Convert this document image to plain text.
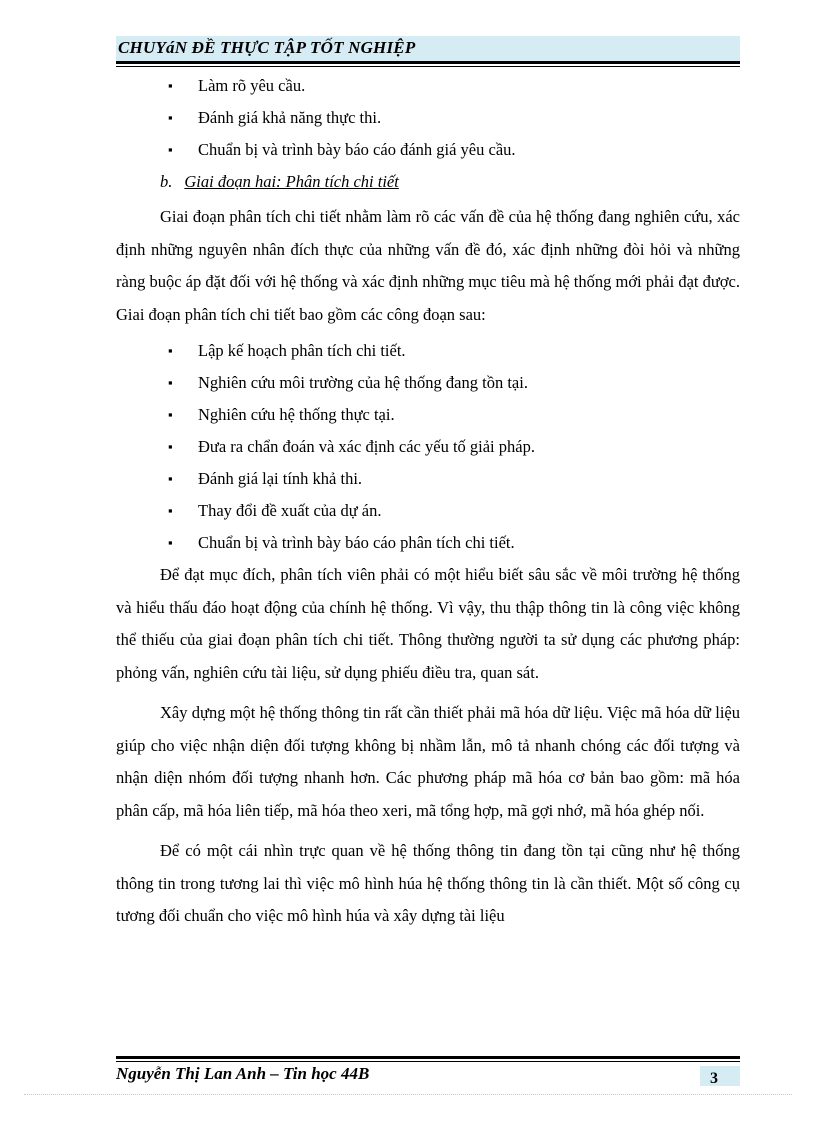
CHUYáN ĐỀ THỰC TẬP TỐT NGHIỆP
▪ Làm rõ yêu cầu.
▪ Đánh giá khả năng thực thi.
▪ Chuẩn bị và trình bày báo cáo đánh giá yêu cầu.
b. Giai đoạn hai: Phân tích chi tiết

Giai đoạn phân tích chi tiết nhằm làm rõ các vấn đề của hệ thống đang nghiên cứu, xác định những nguyên nhân đích thực của những vấn đề đó, xác định những đòi hỏi và những ràng buộc áp đặt đối với hệ thống và xác định những mục tiêu mà hệ thống mới phải đạt được. Giai đoạn phân tích chi tiết bao gồm các công đoạn sau:

▪ Lập kế hoạch phân tích chi tiết.
▪ Nghiên cứu môi trường của hệ thống đang tồn tại.
▪ Nghiên cứu hệ thống thực tại.
▪ Đưa ra chẩn đoán và xác định các yếu tố giải pháp.
▪ Đánh giá lại tính khả thi.
▪ Thay đổi đề xuất của dự án.
▪ Chuẩn bị và trình bày báo cáo phân tích chi tiết.

Để đạt mục đích, phân tích viên phải có một hiểu biết sâu sắc về môi trường hệ thống và hiểu thấu đáo hoạt động của chính hệ thống. Vì vậy, thu thập thông tin là công việc không thể thiếu của giai đoạn phân tích chi tiết. Thông thường người ta sử dụng các phương pháp: phỏng vấn, nghiên cứu tài liệu, sử dụng phiếu điều tra, quan sát.

Xây dựng một hệ thống thông tin rất cần thiết phải mã hóa dữ liệu. Việc mã hóa dữ liệu giúp cho việc nhận diện đối tượng không bị nhầm lẫn, mô tả nhanh chóng các đối tượng và nhận diện nhóm đối tượng nhanh hơn. Các phương pháp mã hóa cơ bản bao gồm: mã hóa phân cấp, mã hóa liên tiếp, mã hóa theo xeri, mã tổng hợp, mã gợi nhớ, mã hóa ghép nối.

Để có một cái nhìn trực quan về hệ thống thông tin đang tồn tại cũng như hệ thống thông tin trong tương lai thì việc mô hình húa hệ thống thông tin là cần thiết. Một số công cụ tương đối chuẩn cho việc mô hình húa và xây dựng tài liệu

Nguyễn Thị Lan Anh – Tin học 44B	3
